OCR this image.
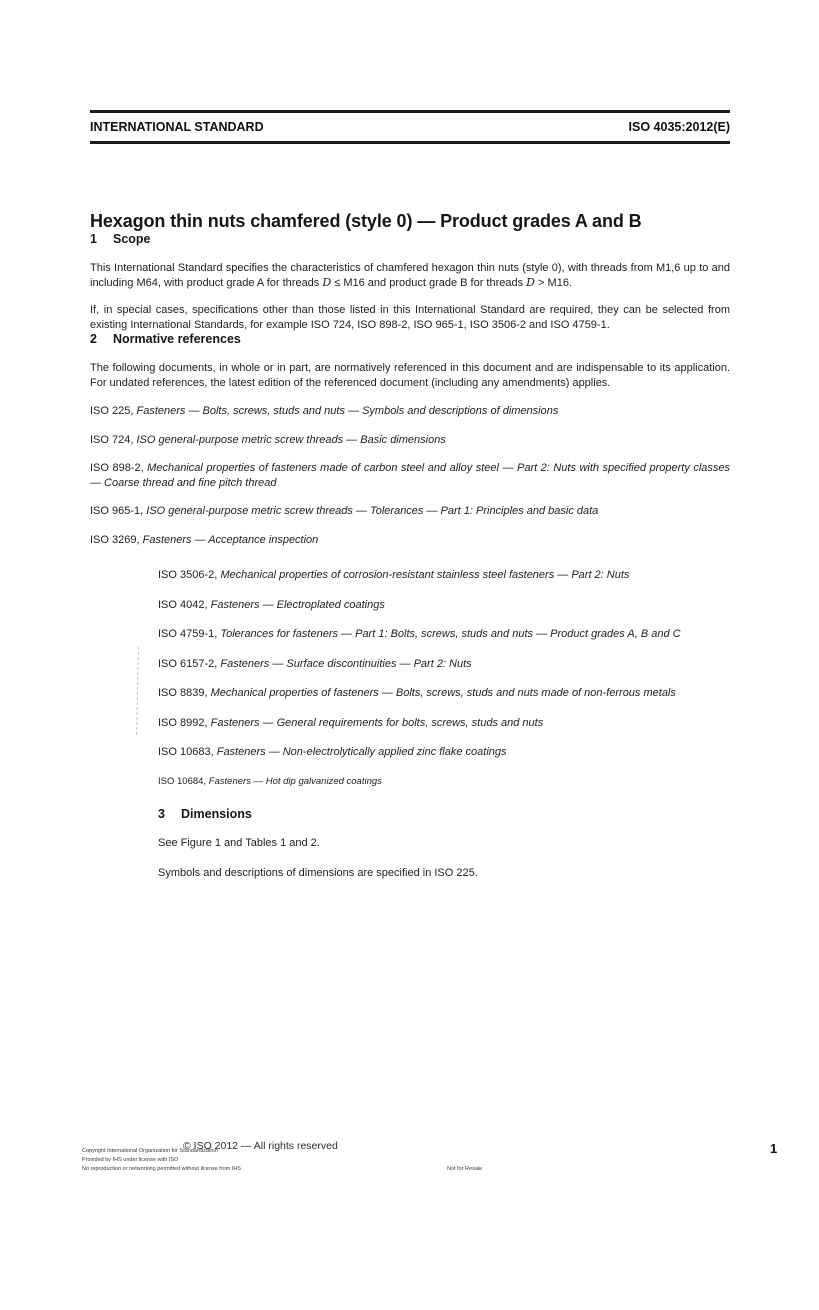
INTERNATIONAL STANDARD	ISO 4035:2012(E)
Hexagon thin nuts chamfered (style 0) — Product grades A and B
1 Scope

This International Standard specifies the characteristics of chamfered hexagon thin nuts (style 0), with threads from M1,6 up to and including M64, with product grade A for threads D ≤ M16 and product grade B for threads D > M16.

If, in special cases, specifications other than those listed in this International Standard are required, they can be selected from existing International Standards, for example ISO 724, ISO 898-2, ISO 965-1, ISO 3506-2 and ISO 4759-1.

2 Normative references

The following documents, in whole or in part, are normatively referenced in this document and are indispensable to its application. For undated references, the latest edition of the referenced document (including any amendments) applies.

ISO 225, Fasteners — Bolts, screws, studs and nuts — Symbols and descriptions of dimensions

ISO 724, ISO general-purpose metric screw threads — Basic dimensions

ISO 898-2, Mechanical properties of fasteners made of carbon steel and alloy steel — Part 2: Nuts with specified property classes — Coarse thread and fine pitch thread

ISO 965-1, ISO general-purpose metric screw threads — Tolerances — Part 1: Principles and basic data

ISO 3269, Fasteners — Acceptance inspection

ISO 3506-2, Mechanical properties of corrosion-resistant stainless steel fasteners — Part 2: Nuts

ISO 4042, Fasteners — Electroplated coatings

ISO 4759-1, Tolerances for fasteners — Part 1: Bolts, screws, studs and nuts — Product grades A, B and C

ISO 6157-2, Fasteners — Surface discontinuities — Part 2: Nuts

ISO 8839, Mechanical properties of fasteners — Bolts, screws, studs and nuts made of non-ferrous metals

ISO 8992, Fasteners — General requirements for bolts, screws, studs and nuts

ISO 10683, Fasteners — Non-electrolytically applied zinc flake coatings

ISO 10684, Fasteners — Hot dip galvanized coatings

3 Dimensions

See Figure 1 and Tables 1 and 2.

Symbols and descriptions of dimensions are specified in ISO 225.

© ISO 2012 — All rights reserved
Copyright International Organization for Standardization
Provided by IHS under license with ISO
No reproduction or networking permitted without license from IHS	Not for Resale
1
